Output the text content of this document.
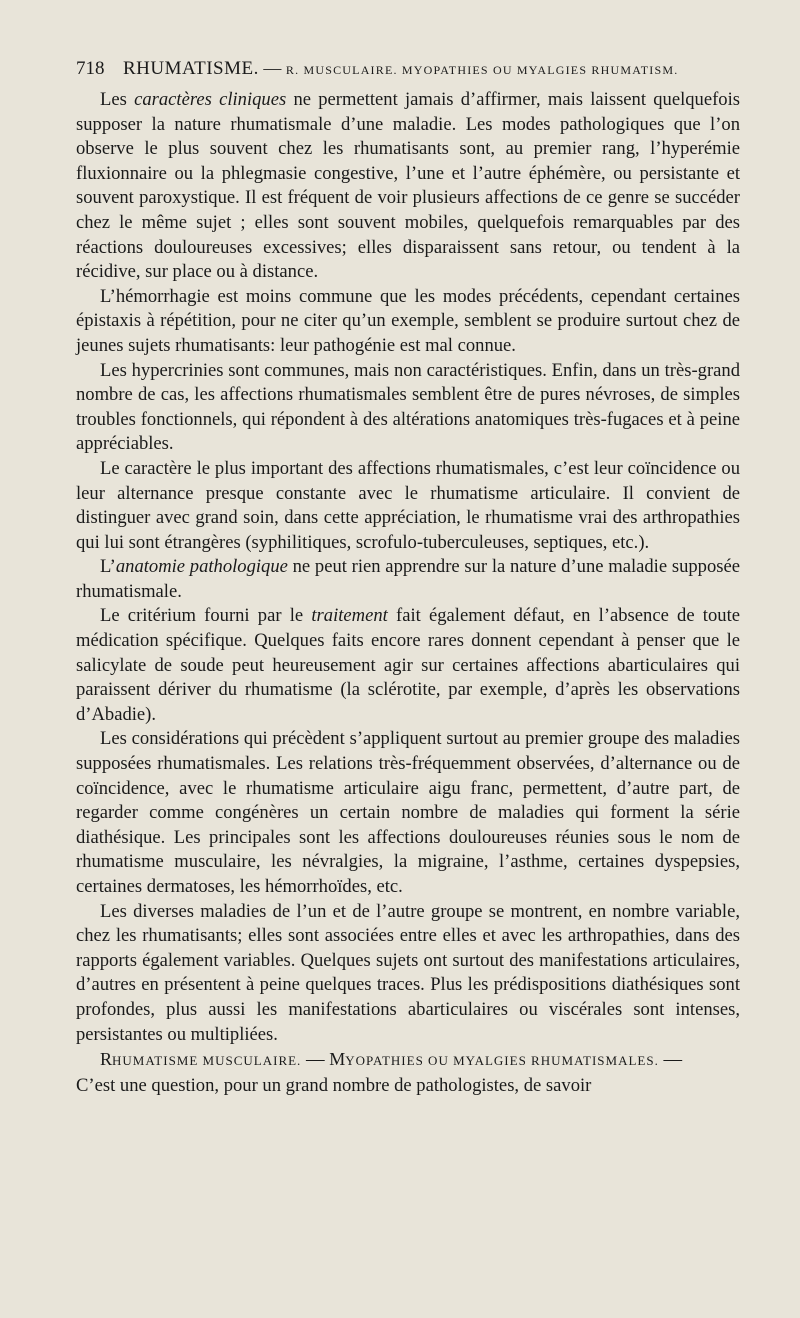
718 RHUMATISME. — R. MUSCULAIRE. MYOPATHIES OU MYALGIES RHUMATISM.

Les caractères cliniques ne permettent jamais d’affirmer, mais laissent quelquefois supposer la nature rhumatismale d’une maladie. Les modes pathologiques que l’on observe le plus souvent chez les rhumatisants sont, au premier rang, l’hyperémie fluxionnaire ou la phlegmasie congestive, l’une et l’autre éphémère, ou persistante et souvent paroxystique. Il est fréquent de voir plusieurs affections de ce genre se succéder chez le même sujet ; elles sont souvent mobiles, quelquefois remarquables par des réactions douloureuses excessives; elles disparaissent sans retour, ou tendent à la récidive, sur place ou à distance.

L’hémorrhagie est moins commune que les modes précédents, cependant certaines épistaxis à répétition, pour ne citer qu’un exemple, semblent se produire surtout chez de jeunes sujets rhumatisants: leur pathogénie est mal connue.

Les hypercrinies sont communes, mais non caractéristiques. Enfin, dans un très-grand nombre de cas, les affections rhumatismales semblent être de pures névroses, de simples troubles fonctionnels, qui répondent à des altérations anatomiques très-fugaces et à peine appréciables.

Le caractère le plus important des affections rhumatismales, c’est leur coïncidence ou leur alternance presque constante avec le rhumatisme articulaire. Il convient de distinguer avec grand soin, dans cette appréciation, le rhumatisme vrai des arthropathies qui lui sont étrangères (syphilitiques, scrofulo-tuberculeuses, septiques, etc.).

L’anatomie pathologique ne peut rien apprendre sur la nature d’une maladie supposée rhumatismale.

Le critérium fourni par le traitement fait également défaut, en l’absence de toute médication spécifique. Quelques faits encore rares donnent cependant à penser que le salicylate de soude peut heureusement agir sur certaines affections abarticulaires qui paraissent dériver du rhumatisme (la sclérotite, par exemple, d’après les observations d’Abadie).

Les considérations qui précèdent s’appliquent surtout au premier groupe des maladies supposées rhumatismales. Les relations très-fréquemment observées, d’alternance ou de coïncidence, avec le rhumatisme articulaire aigu franc, permettent, d’autre part, de regarder comme congénères un certain nombre de maladies qui forment la série diathésique. Les principales sont les affections douloureuses réunies sous le nom de rhumatisme musculaire, les névralgies, la migraine, l’asthme, certaines dyspepsies, certaines dermatoses, les hémorrhoïdes, etc.

Les diverses maladies de l’un et de l’autre groupe se montrent, en nombre variable, chez les rhumatisants; elles sont associées entre elles et avec les arthropathies, dans des rapports également variables. Quelques sujets ont surtout des manifestations articulaires, d’autres en présentent à peine quelques traces. Plus les prédispositions diathésiques sont profondes, plus aussi les manifestations abarticulaires ou viscérales sont intenses, persistantes ou multipliées.

RHUMATISME MUSCULAIRE. — MYOPATHIES OU MYALGIES RHUMATISMALES. —

C’est une question, pour un grand nombre de pathologistes, de savoir
